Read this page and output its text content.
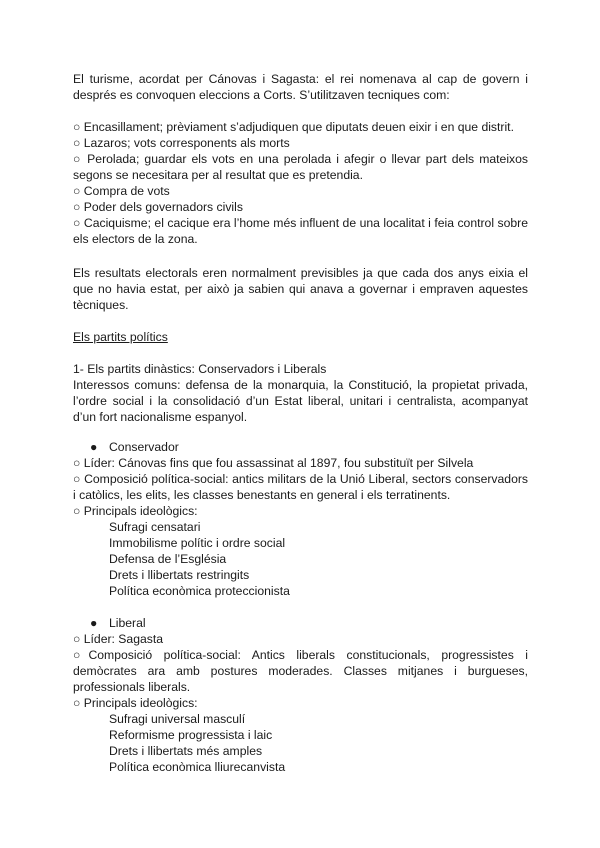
El turisme, acordat per Cánovas i Sagasta: el rei nomenava al cap de govern i després es convoquen eleccions a Corts. S’utilitzaven tecniques com:
○ Encasillament; prèviament s’adjudiquen que diputats deuen eixir i en que distrit.
○ Lazaros; vots corresponents als morts
○ Perolada; guardar els vots en una perolada i afegir o llevar part dels mateixos segons se necesitara per al resultat que es pretendia.
○ Compra de vots
○ Poder dels governadors civils
○ Caciquisme; el cacique era l’home més influent de una localitat i feia control sobre els electors de la zona.
Els resultats electorals eren normalment previsibles ja que cada dos anys eixia el que no havia estat, per això ja sabien qui anava a governar i empraven aquestes tècniques.
Els partits polítics
1- Els partits dinàstics: Conservadors i Liberals
Interessos comuns: defensa de la monarquia, la Constitució, la propietat privada, l’ordre social i la consolidació d’un Estat liberal, unitari i centralista, acompanyat d’un fort nacionalisme espanyol.
● Conservador
○ Líder: Cánovas fins que fou assassinat al 1897, fou substituït per Silvela
○ Composició política-social: antics militars de la Unió Liberal, sectors conservadors i catòlics, les elits, les classes benestants en general i els terratinents.
○ Principals ideològics:
Sufragi censatari
Immobilisme polític i ordre social
Defensa de l’Església
Drets i llibertats restringits
Política econòmica proteccionista
● Liberal
○ Líder: Sagasta
○Composició política-social: Antics liberals constitucionals, progressistes i demòcrates ara amb postures moderades. Classes mitjanes i burgueses, professionals liberals.
○ Principals ideològics:
Sufragi universal masculí
Reformisme progressista i laic
Drets i llibertats més amples
Política econòmica lliurecanvista
